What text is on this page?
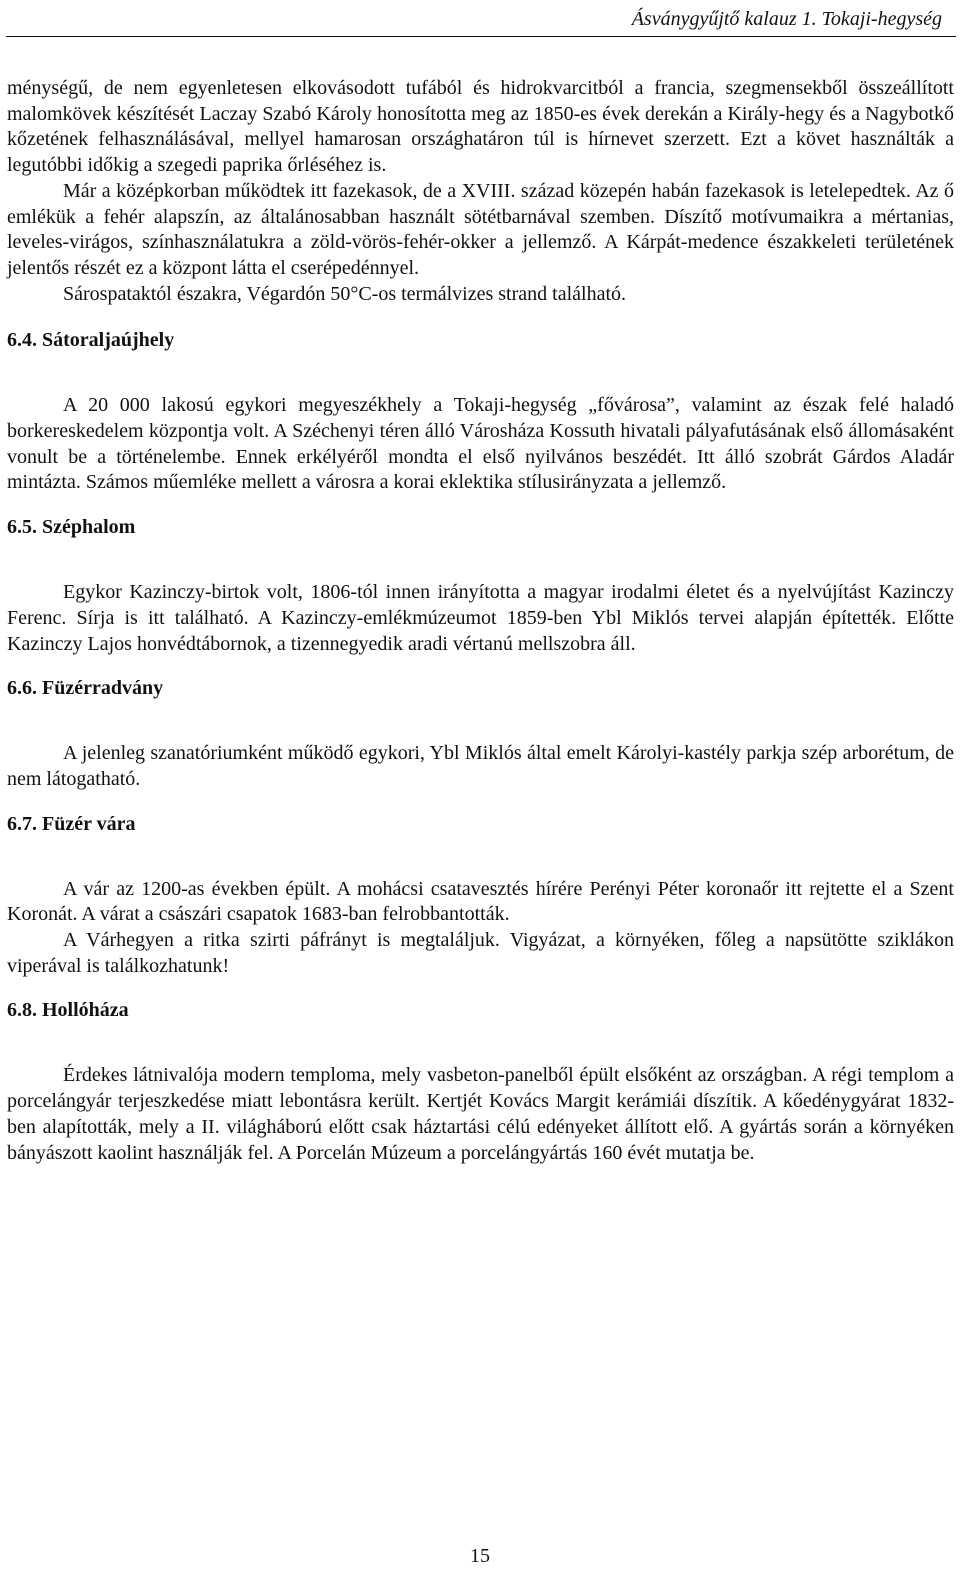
Ásványgyűjtő kalauz 1. Tokaji-hegység

ménységű, de nem egyenletesen elkovásodott tufából és hidrokvarcitból a francia, szegmensekből összeállított malomkövek készítését Laczay Szabó Károly honosította meg az 1850-es évek derekán a Király-hegy és a Nagybotkő kőzetének felhasználásával, mellyel hamarosan országhatáron túl is hírnevet szerzett. Ezt a követ használták a legutóbbi időkig a szegedi paprika őrléséhez is.

Már a középkorban működtek itt fazekasok, de a XVIII. század közepén habán fazekasok is letelepedtek. Az ő emlékük a fehér alapszín, az általánosabban használt sötétbarnával szemben. Díszítő motívumaikra a mértanias, leveles-virágos, színhasználatukra a zöld-vörös-fehér-okker a jellemző. A Kárpát-medence északkeleti területének jelentős részét ez a központ látta el cserépedénnyel.

Sárospataktól északra, Végardón 50°C-os termálvizes strand található.

6.4. Sátoraljaújhely

A 20 000 lakosú egykori megyeszékhely a Tokaji-hegység „fővárosa”, valamint az észak felé haladó borkereskedelem központja volt. A Széchenyi téren álló Városháza Kossuth hivatali pályafutásának első állomásaként vonult be a történelembe. Ennek erkélyéről mondta el első nyilvános beszédét. Itt álló szobrát Gárdos Aladár mintázta. Számos műemléke mellett a városra a korai eklektika stílusirányzata a jellemző.

6.5. Széphalom

Egykor Kazinczy-birtok volt, 1806-tól innen irányította a magyar irodalmi életet és a nyelvújítást Kazinczy Ferenc. Sírja is itt található. A Kazinczy-emlékmúzeumot 1859-ben Ybl Miklós tervei alapján építették. Előtte Kazinczy Lajos honvédtábornok, a tizennegyedik aradi vértanú mellszobra áll.

6.6. Füzérradvány

A jelenleg szanatóriumként működő egykori, Ybl Miklós által emelt Károlyi-kastély parkja szép arborétum, de nem látogatható.

6.7. Füzér vára

A vár az 1200-as években épült. A mohácsi csatavesztés hírére Perényi Péter koronaőr itt rejtette el a Szent Koronát. A várat a császári csapatok 1683-ban felrobbantották.

A Várhegyen a ritka szirti páfrányt is megtaláljuk. Vigyázat, a környéken, főleg a napsütötte sziklákon viperával is találkozhatunk!

6.8. Hollóháza

Érdekes látnivalója modern temploma, mely vasbeton-panelből épült elsőként az országban. A régi templom a porcelángyár terjeszkedése miatt lebontásra került. Kertjét Kovács Margit kerámiái díszítik. A kőedénygyárat 1832-ben alapították, mely a II. világháború előtt csak háztartási célú edényeket állított elő. A gyártás során a környéken bányászott kaolint használják fel. A Porcelán Múzeum a porcelángyártás 160 évét mutatja be.

15
